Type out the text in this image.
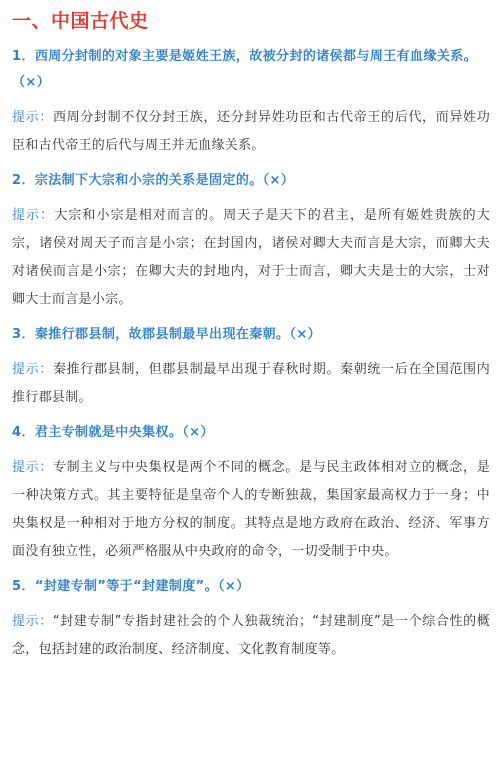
一、中国古代史
1．西周分封制的对象主要是姬姓王族，故被分封的诸侯都与周王有血缘关系。（×）
提示：西周分封制不仅分封王族，还分封异姓功臣和古代帝王的后代，而异姓功臣和古代帝王的后代与周王并无血缘关系。
2．宗法制下大宗和小宗的关系是固定的。（×）
提示：大宗和小宗是相对而言的。周天子是天下的君主，是所有姬姓贵族的大宗，诸侯对周天子而言是小宗；在封国内，诸侯对卿大夫而言是大宗，而卿大夫对诸侯而言是小宗；在卿大夫的封地内，对于士而言，卿大夫是士的大宗，士对卿大士而言是小宗。
3．秦推行郡县制，故郡县制最早出现在秦朝。（×）
提示：秦推行郡县制，但郡县制最早出现于春秋时期。秦朝统一后在全国范围内推行郡县制。
4．君主专制就是中央集权。（×）
提示：专制主义与中央集权是两个不同的概念。是与民主政体相对立的概念，是一种决策方式。其主要特征是皇帝个人的专断独裁，集国家最高权力于一身；中央集权是一种相对于地方分权的制度。其特点是地方政府在政治、经济、军事方面没有独立性，必须严格服从中央政府的命令，一切受制于中央。
5．“封建专制”等于“封建制度”。（×）
提示：“封建专制”专指封建社会的个人独裁统治；“封建制度”是一个综合性的概念，包括封建的政治制度、经济制度、文化教育制度等。
